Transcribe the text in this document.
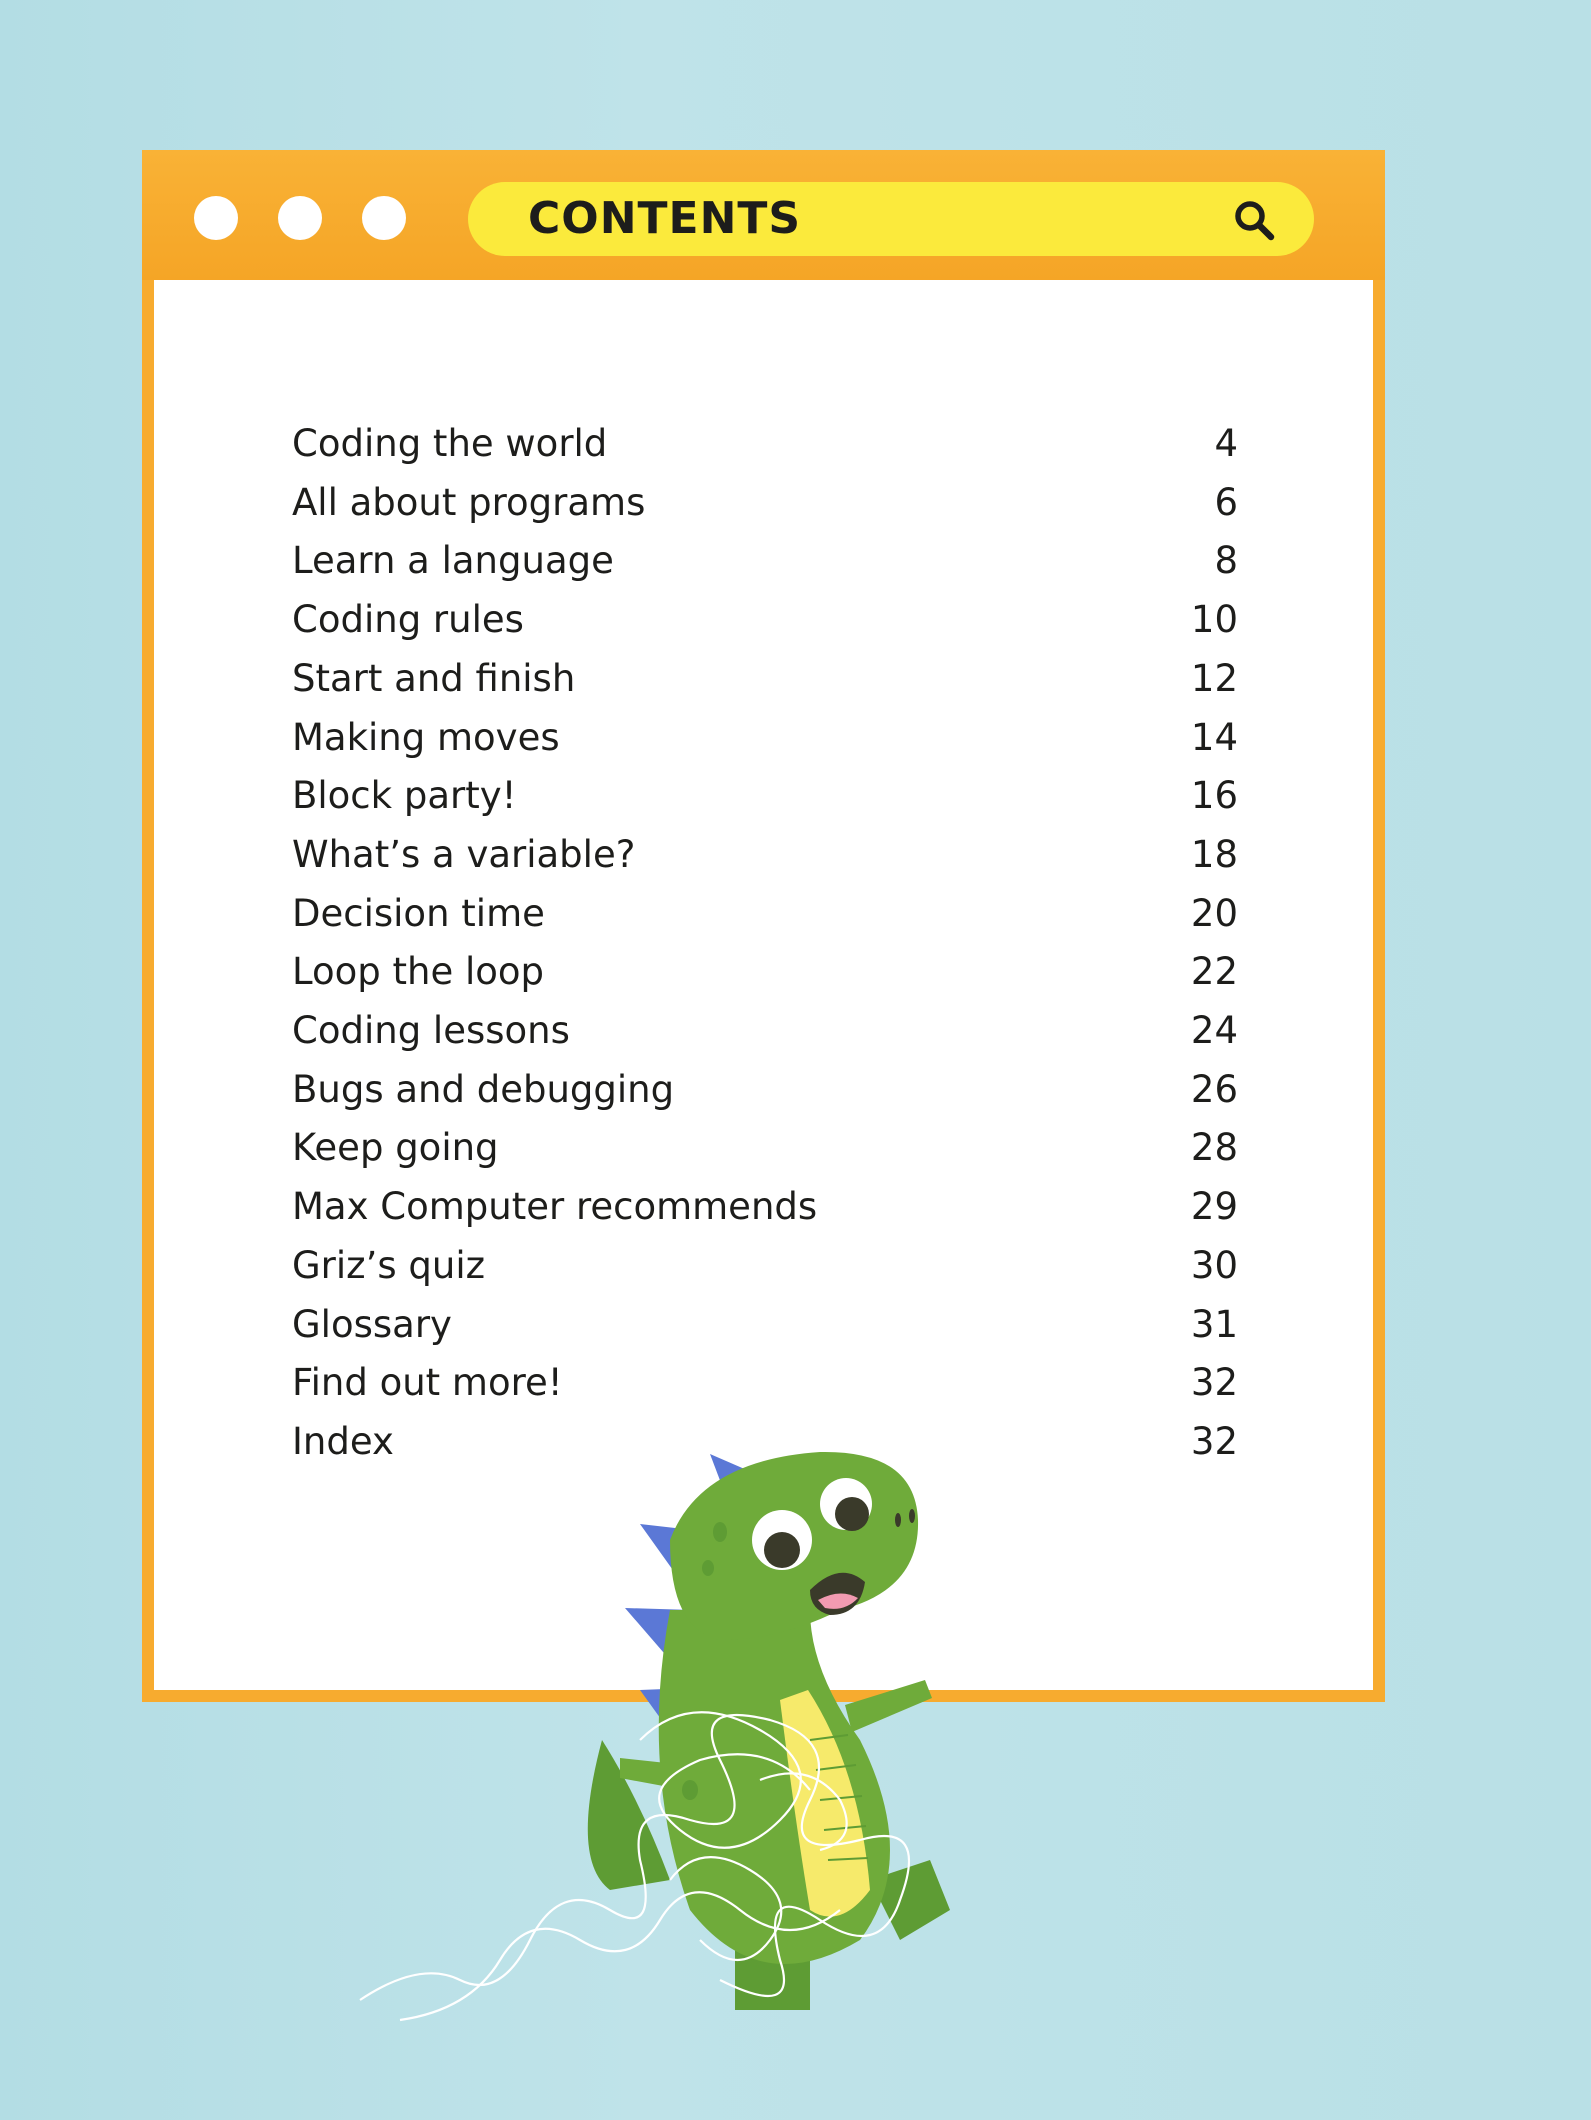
CONTENTS
Coding the world	4
All about programs	6
Learn a language	8
Coding rules	10
Start and finish	12
Making moves	14
Block party!	16
What’s a variable?	18
Decision time	20
Loop the loop	22
Coding lessons	24
Bugs and debugging	26
Keep going	28
Max Computer recommends	29
Griz’s quiz	30
Glossary	31
Find out more!	32
Index	32
